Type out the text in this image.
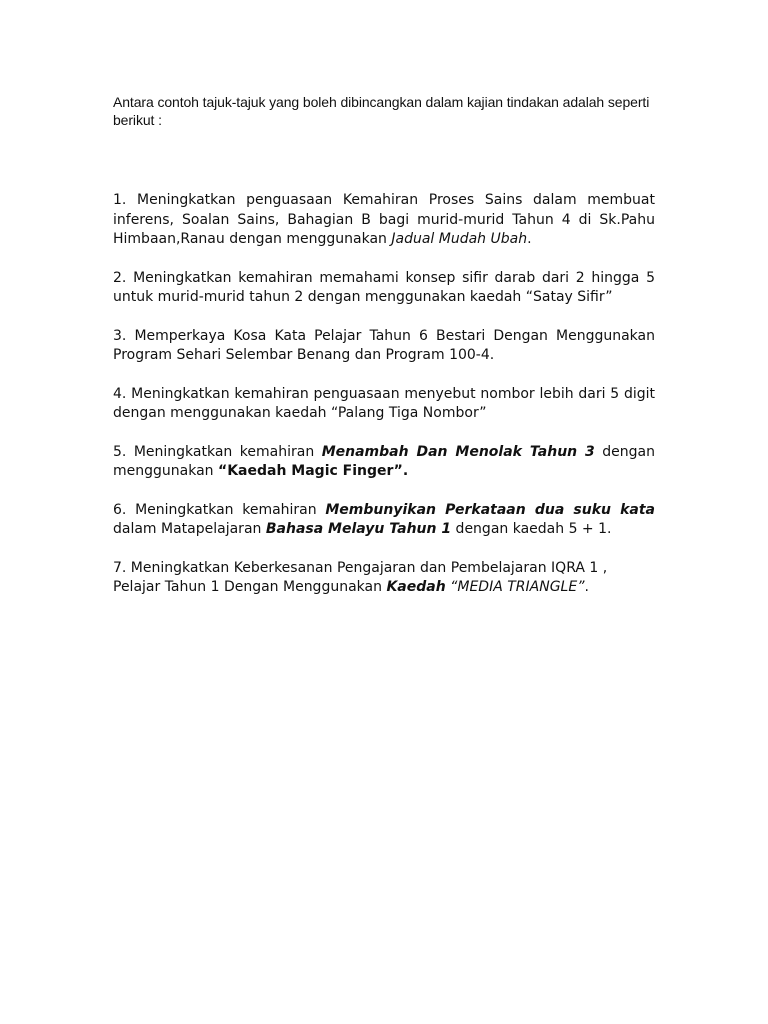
Antara contoh tajuk-tajuk yang boleh dibincangkan dalam kajian tindakan adalah seperti berikut :

1. Meningkatkan penguasaan Kemahiran Proses Sains dalam membuat inferens, Soalan Sains, Bahagian B bagi murid-murid Tahun 4 di Sk.Pahu Himbaan,Ranau dengan menggunakan Jadual Mudah Ubah.

2. Meningkatkan kemahiran memahami konsep sifir darab dari 2 hingga 5 untuk murid-murid tahun 2 dengan menggunakan kaedah “Satay Sifir”

3. Memperkaya Kosa Kata Pelajar Tahun 6 Bestari Dengan Menggunakan Program Sehari Selembar Benang dan Program 100-4.

4. Meningkatkan kemahiran penguasaan menyebut nombor lebih dari 5 digit dengan menggunakan kaedah “Palang Tiga Nombor”

5. Meningkatkan kemahiran Menambah Dan Menolak Tahun 3 dengan menggunakan “Kaedah Magic Finger”.

6. Meningkatkan kemahiran Membunyikan Perkataan dua suku kata dalam Matapelajaran Bahasa Melayu Tahun 1 dengan kaedah 5 + 1.

7. Meningkatkan Keberkesanan Pengajaran dan Pembelajaran IQRA 1 , Pelajar Tahun 1 Dengan Menggunakan Kaedah “MEDIA TRIANGLE”.
